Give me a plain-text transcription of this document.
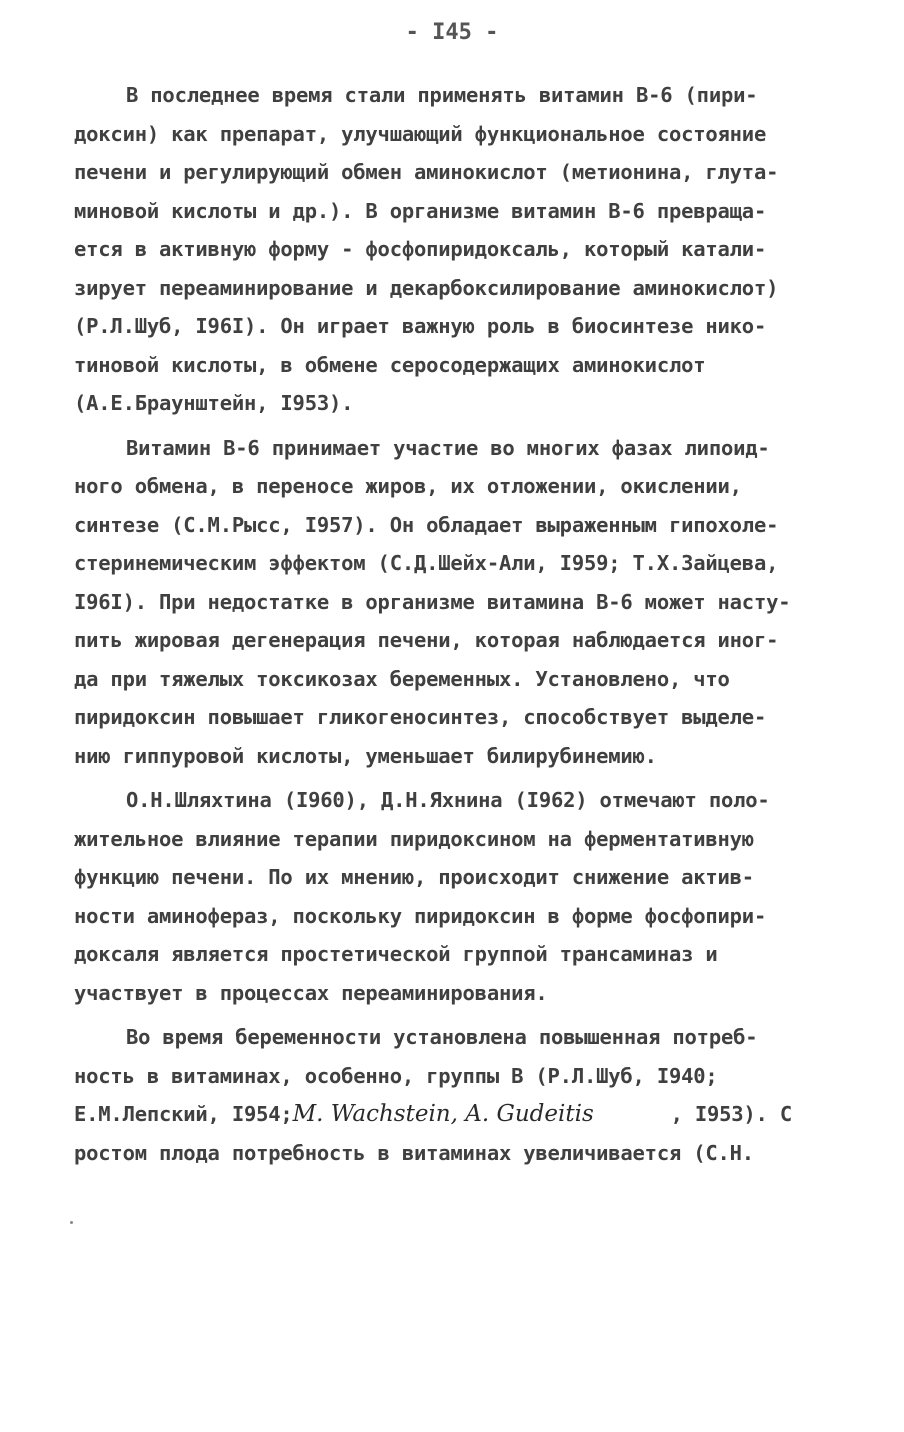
- I45 -
В последнее время стали применять витамин В-6 (пири-
доксин) как препарат, улучшающий функциональное состояние
печени и регулирующий обмен аминокислот (метионина, глута-
миновой кислоты и др.). В организме витамин В-6 превраща-
ется в активную форму - фосфопиридоксаль, который катали-
зирует переаминирование и декарбоксилирование аминокислот)
(Р.Л.Шуб, I96I). Он играет важную роль в биосинтезе нико-
тиновой кислоты, в обмене серосодержащих аминокислот
(А.Е.Браунштейн, I953).
Витамин В-6 принимает участие во многих фазах липоид-
ного обмена, в переносе жиров, их отложении, окислении,
синтезе (С.М.Рысс, I957). Он обладает выраженным гипохоле-
стеринемическим эффектом (С.Д.Шейх-Али, I959; Т.Х.Зайцева,
I96I). При недостатке в организме витамина В-6 может насту-
пить жировая дегенерация печени, которая наблюдается иног-
да при тяжелых токсикозах беременных. Установлено, что
пиридоксин повышает гликогеносинтез, способствует выделе-
нию гиппуровой кислоты, уменьшает билирубинемию.
О.Н.Шляхтина (I960), Д.Н.Яхнина (I962) отмечают поло-
жительное влияние терапии пиридоксином на ферментативную
функцию печени. По их мнению, происходит снижение актив-
ности аминофераз, поскольку пиридоксин в форме фосфопири-
доксаля является простетической группой трансаминаз и
участвует в процессах переаминирования.
Во время беременности установлена повышенная потреб-
ность в витаминах, особенно, группы В (Р.Л.Шуб, I940;
Е.М.Лепский, I954;M. Wachstein, A. Gudeitis	, I953). С
ростом плода потребность в витаминах увеличивается (С.Н.
